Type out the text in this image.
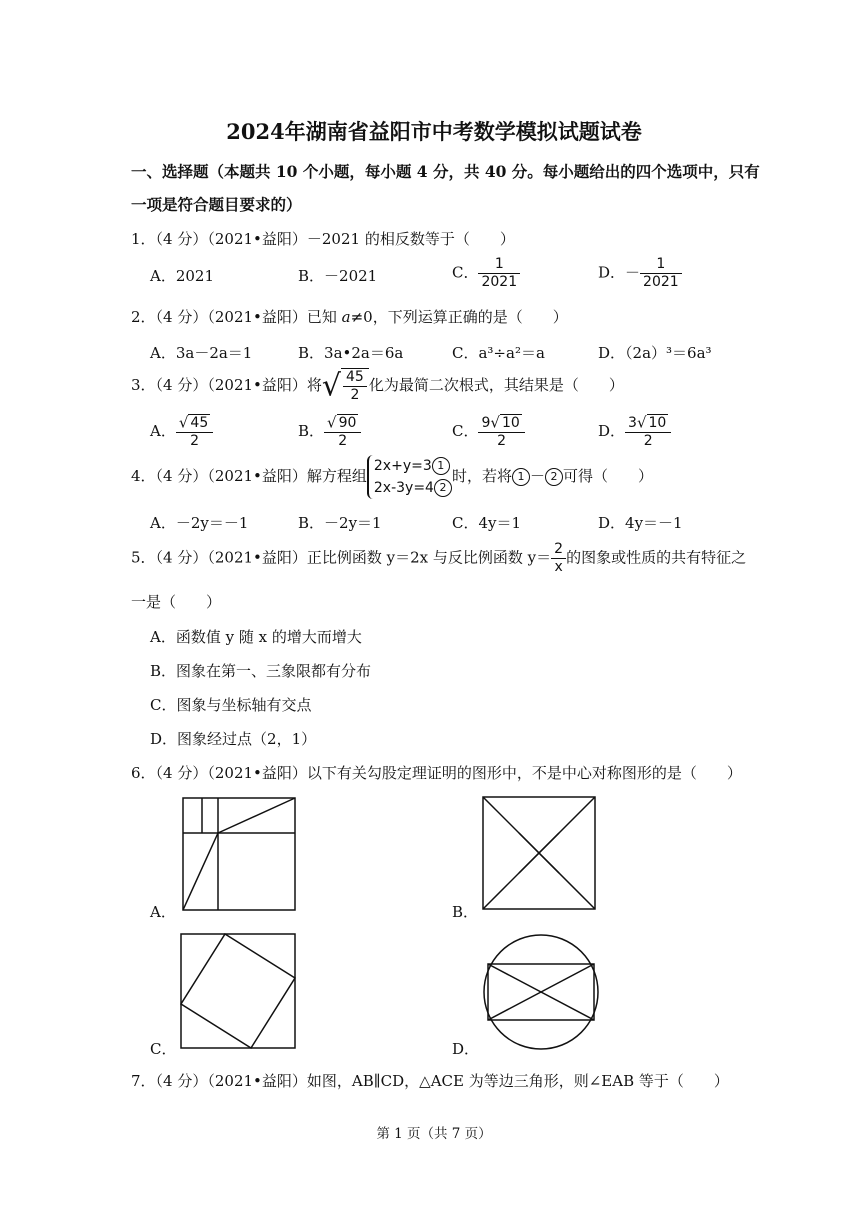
2024年湖南省益阳市中考数学模拟试题试卷
一、选择题（本题共 10 个小题，每小题 4 分，共 40 分。每小题给出的四个选项中，只有
一项是符合题目要求的）
1．（4 分）（2021•益阳）－2021 的相反数等于（　　）
A．2021	B．－2021	C． $\frac{1}{2021}$	D．－ $\frac{1}{2021}$
2．（4 分）（2021•益阳）已知 a≠0，下列运算正确的是（　　）
A．3a－2a＝1	B．3a•2a＝6a	C．a³÷a²＝a	D．（2a）³＝6a³
3．（4 分）（2021•益阳）将√ $\frac{45}{2}$ 化为最简二次根式，其结果是（　　）
A． $\frac{√ 45}{2}$	B． $\frac{√ 90}{2}$	C． $\frac{9√ 10}{2}$	D． $\frac{3√ 10}{2}$
4．（4 分）（2021•益阳）解方程组
2x+y=3 1
2x-3y=4 2
时，若将 1 － 2 可得（　　）
A．－2y＝－1	B．－2y＝1	C．4y＝1	D．4y＝－1
5．（4 分）（2021•益阳）正比例函数 y＝2x 与反比例函数 $y= \frac{2}{x}$ 的图象或性质的共有特征之
一是（　　）
A．函数值 y 随 x 的增大而增大
B．图象在第一、三象限都有分布
C．图象与坐标轴有交点
D．图象经过点（2，1）
6．（4 分）（2021•益阳）以下有关勾股定理证明的图形中，不是中心对称图形的是（　　）
A．	B．
C．	D．
7．（4 分）（2021•益阳）如图，AB∥CD，△ACE 为等边三角形，则∠EAB 等于（　　）
第 1 页（共 7 页）
